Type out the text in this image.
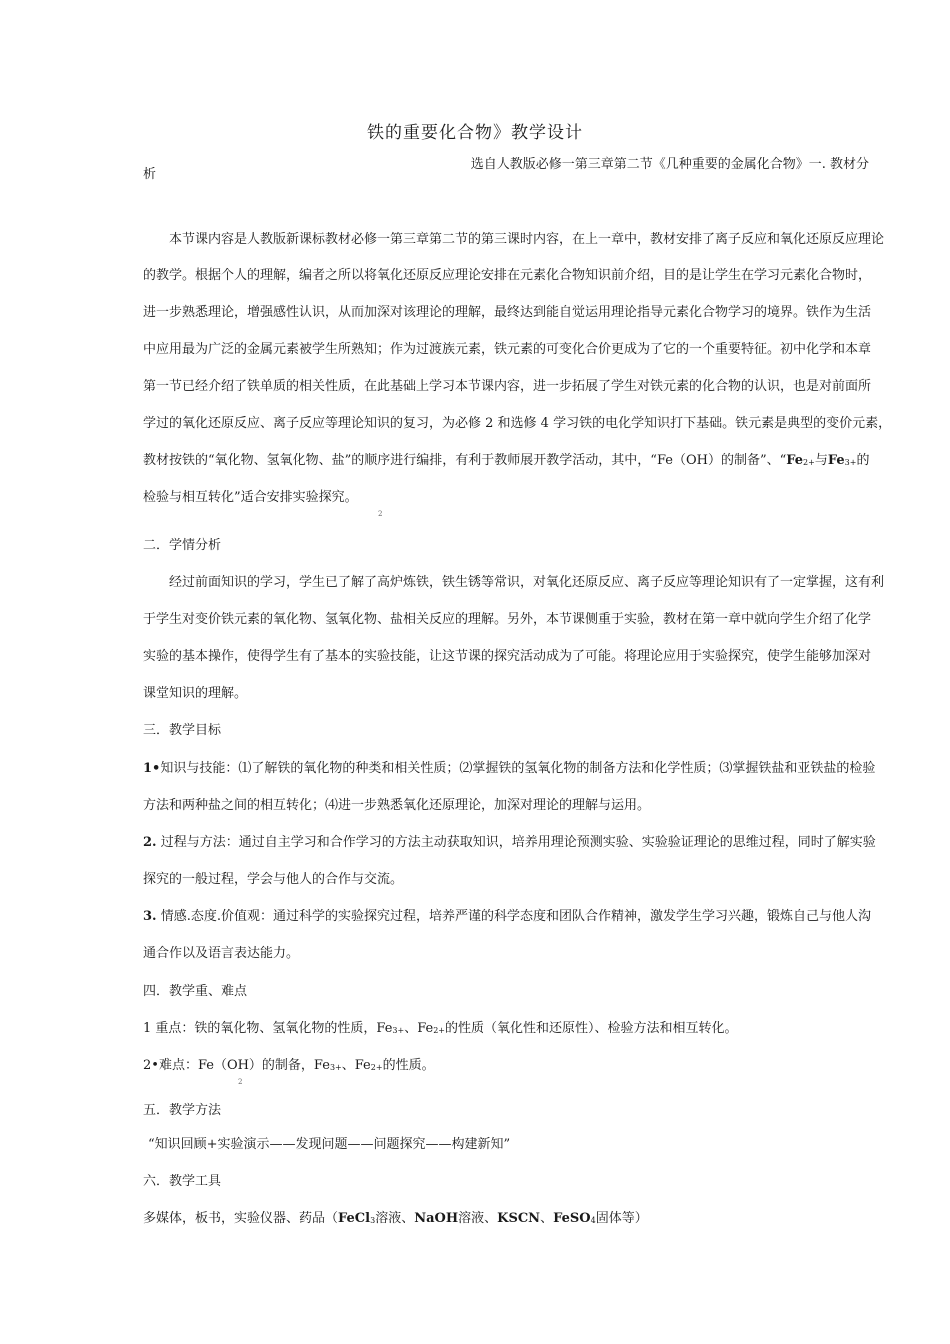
铁的重要化合物》教学设计
选自人教版必修一第三章第二节《几种重要的金属化合物》一. 教材分
析
本节课内容是人教版新课标教材必修一第三章第二节的第三课时内容，在上一章中，教材安排了离子反应和氧化还原反应理论
的教学。根据个人的理解，编者之所以将氧化还原反应理论安排在元素化合物知识前介绍，目的是让学生在学习元素化合物时，
进一步熟悉理论，增强感性认识，从而加深对该理论的理解，最终达到能自觉运用理论指导元素化合物学习的境界。铁作为生活
中应用最为广泛的金属元素被学生所熟知；作为过渡族元素，铁元素的可变化合价更成为了它的一个重要特征。初中化学和本章
第一节已经介绍了铁单质的相关性质，在此基础上学习本节课内容，进一步拓展了学生对铁元素的化合物的认识，也是对前面所
学过的氧化还原反应、离子反应等理论知识的复习，为必修 2 和选修 4 学习铁的电化学知识打下基础。铁元素是典型的变价元素，
教材按铁的“氧化物、氢氧化物、盐”的顺序进行编排，有利于教师展开教学活动，其中，“Fe（OH）的制备”、“$Fe^{2+}$与$Fe^{3+}$的
检验与相互转化”适合安排实验探究。
2
二．学情分析
经过前面知识的学习，学生已了解了高炉炼铁，铁生锈等常识，对氧化还原反应、离子反应等理论知识有了一定掌握，这有利
于学生对变价铁元素的氧化物、氢氧化物、盐相关反应的理解。另外，本节课侧重于实验，教材在第一章中就向学生介绍了化学
实验的基本操作，使得学生有了基本的实验技能，让这节课的探究活动成为了可能。将理论应用于实验探究，使学生能够加深对
课堂知识的理解。
三．教学目标
1•知识与技能：⑴了解铁的氧化物的种类和相关性质；⑵掌握铁的氢氧化物的制备方法和化学性质；⑶掌握铁盐和亚铁盐的检验
方法和两种盐之间的相互转化；⑷进一步熟悉氧化还原理论，加深对理论的理解与运用。
2. 过程与方法：通过自主学习和合作学习的方法主动获取知识，培养用理论预测实验、实验验证理论的思维过程，同时了解实验
探究的一般过程，学会与他人的合作与交流。
3. 情感.态度.价值观：通过科学的实验探究过程，培养严谨的科学态度和团队合作精神，激发学生学习兴趣，锻炼自己与他人沟
通合作以及语言表达能力。
四．教学重、难点
1 重点：铁的氧化物、氢氧化物的性质，$Fe^{3+}$、$Fe^{2+}$的性质（氧化性和还原性）、检验方法和相互转化。
2•难点：Fe（OH）的制备，$Fe^{3+}$、$Fe^{2+}$的性质。
2
五．教学方法
“知识回顾+实验演示——发现问题——问题探究——构建新知”
六．教学工具
多媒体，板书，实验仪器、药品（FeCl$_3$溶液、NaOH溶液、KSCN、FeSO$_4$固体等）
